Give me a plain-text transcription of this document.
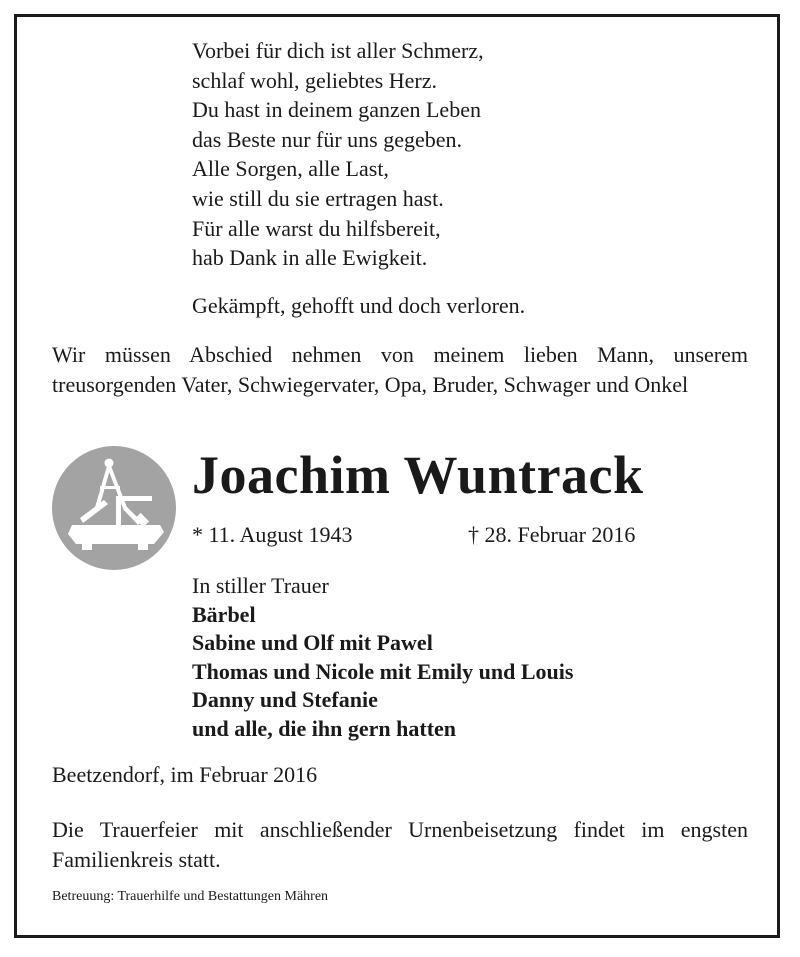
Vorbei für dich ist aller Schmerz,
schlaf wohl, geliebtes Herz.
Du hast in deinem ganzen Leben
das Beste nur für uns gegeben.
Alle Sorgen, alle Last,
wie still du sie ertragen hast.
Für alle warst du hilfsbereit,
hab Dank in alle Ewigkeit.
Gekämpft, gehofft und doch verloren.
Wir müssen Abschied nehmen von meinem lieben Mann, unserem treusorgenden Vater, Schwiegervater, Opa, Bruder, Schwager und Onkel
Joachim Wuntrack
* 11. August 1943	† 28. Februar 2016
In stiller Trauer
Bärbel
Sabine und Olf mit Pawel
Thomas und Nicole mit Emily und Louis
Danny und Stefanie
und alle, die ihn gern hatten
Beetzendorf, im Februar 2016
Die Trauerfeier mit anschließender Urnenbeisetzung findet im engsten Familienkreis statt.
Betreuung: Trauerhilfe und Bestattungen Mähren
